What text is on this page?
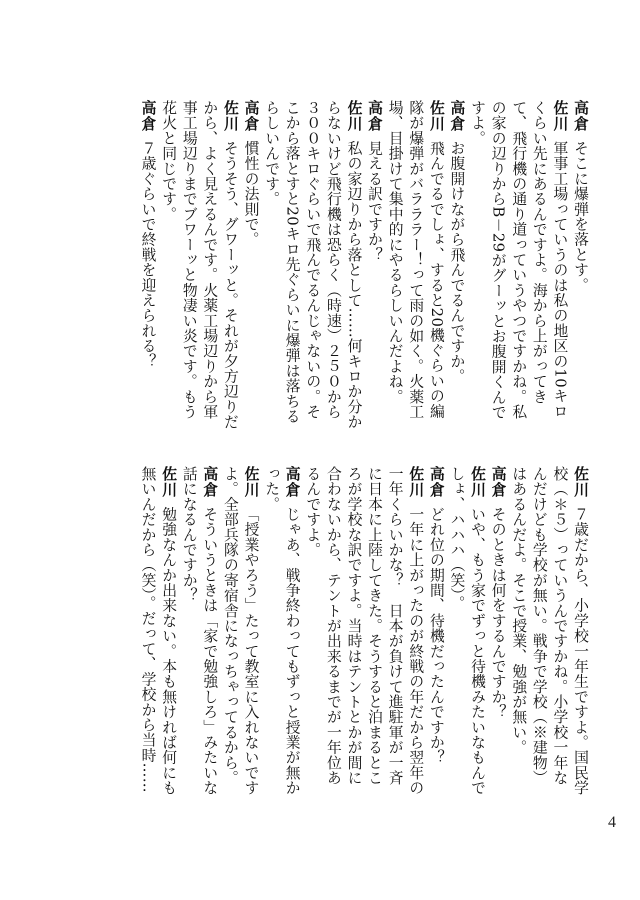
高倉そこに爆弾を落とす。

佐川軍事工場っていうのは私の地区の10キロくらい先にあるんですよ。海から上がってきて、飛行機の通り道っていうやつですかね。私の家の辺りからB－29がグーッとお腹開くんですよ。

高倉お腹開けながら飛んでるんですか。

佐川飛んでるでしょ、すると20機ぐらいの編隊が爆弾がバラララー！って雨の如く。火薬工場、目掛けて集中的にやるらしいんだよね。

高倉見える訳ですか？

佐川私の家辺りから落として……何キロか分からないけど飛行機は恐らく（時速）２５０から３００キロぐらいで飛んでるんじゃないの。そこから落とすと20キロ先ぐらいに爆弾は落ちるらしいんです。

高倉慣性の法則で。

佐川そうそう、グワーッと。それが夕方辺りだから、よく見えるんです。火薬工場辺りから軍事工場辺りまでブワーッと物凄い炎です。もう花火と同じです。

高倉７歳ぐらいで終戦を迎えられる？

佐川７歳だから、小学校一年生ですよ。国民学校（＊５）っていうんですかね。小学校一年なんだけども学校が無い。戦争で学校（※建物）はあるんだよ。そこで授業、勉強が無い。

高倉そのときは何をするんですか？

佐川いや、もう家でずっと待機みたいなもんでしょ、ハハハ（笑）。

高倉どれ位の期間、待機だったんですか？

佐川一年に上がったのが終戦の年だから翌年の一年くらいかな？　日本が負けて進駐軍が一斉に日本に上陸してきた。そうすると泊まるところが学校な訳ですよ。当時はテントとかが間に合わないから、テントが出来るまでが一年位あるんですよ。

高倉じゃあ、戦争終わってもずっと授業が無かった。

佐川「授業やろう」たって教室に入れないですよ。全部兵隊の寄宿舎になっちゃってるから。

高倉そういうときは「家で勉強しろ」みたいな話になるんですか？

佐川勉強なんか出来ない。本も無ければ何にも無いんだから（笑）。だって、学校から当時……

4
